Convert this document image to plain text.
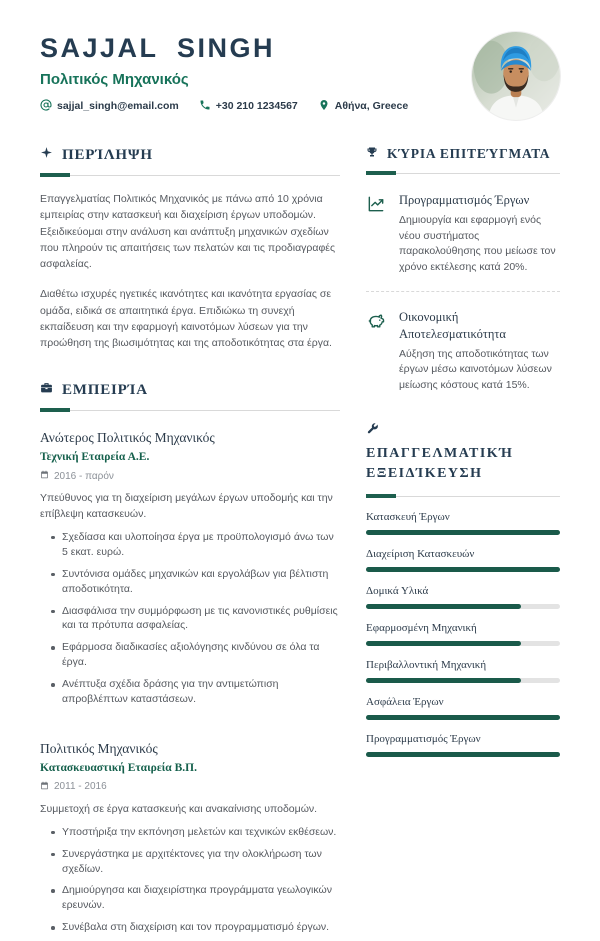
SAJJAL SINGH
Πολιτικός Μηχανικός
sajjal_singh@email.com	+30 210 1234567	Αθήνα, Greece
ΠΕΡΊΛΗΨΗ

Επαγγελματίας Πολιτικός Μηχανικός με πάνω από 10 χρόνια εμπειρίας στην κατασκευή και διαχείριση έργων υποδομών. Εξειδικεύομαι στην ανάλυση και ανάπτυξη μηχανικών σχεδίων που πληρούν τις απαιτήσεις των πελατών και τις προδιαγραφές ασφαλείας.

Διαθέτω ισχυρές ηγετικές ικανότητες και ικανότητα εργασίας σε ομάδα, ειδικά σε απαιτητικά έργα. Επιδιώκω τη συνεχή εκπαίδευση και την εφαρμογή καινοτόμων λύσεων για την προώθηση της βιωσιμότητας και της αποδοτικότητας στα έργα.

ΕΜΠΕΙΡΊΑ
Ανώτερος Πολιτικός Μηχανικός
Τεχνική Εταιρεία Α.Ε.
2016 - παρόν
Υπεύθυνος για τη διαχείριση μεγάλων έργων υποδομής και την επίβλεψη κατασκευών.
Σχεδίασα και υλοποίησα έργα με προϋπολογισμό άνω των 5 εκατ. ευρώ.
Συντόνισα ομάδες μηχανικών και εργολάβων για βέλτιστη αποδοτικότητα.
Διασφάλισα την συμμόρφωση με τις κανονιστικές ρυθμίσεις και τα πρότυπα ασφαλείας.
Εφάρμοσα διαδικασίες αξιολόγησης κινδύνου σε όλα τα έργα.
Ανέπτυξα σχέδια δράσης για την αντιμετώπιση απροβλέπτων καταστάσεων.
Πολιτικός Μηχανικός
Κατασκευαστική Εταιρεία Β.Π.
2011 - 2016
Συμμετοχή σε έργα κατασκευής και ανακαίνισης υποδομών.
Υποστήριξα την εκπόνηση μελετών και τεχνικών εκθέσεων.
Συνεργάστηκα με αρχιτέκτονες για την ολοκλήρωση των σχεδίων.
Δημιούργησα και διαχειρίστηκα προγράμματα γεωλογικών ερευνών.
Συνέβαλα στη διαχείριση και τον προγραμματισμό έργων.
ΚΎΡΙΑ ΕΠΙΤΕΎΓΜΑΤΑ
Προγραμματισμός Έργων
Δημιουργία και εφαρμογή ενός νέου συστήματος παρακολούθησης που μείωσε τον χρόνο εκτέλεσης κατά 20%.
Οικονομική Αποτελεσματικότητα
Αύξηση της αποδοτικότητας των έργων μέσω καινοτόμων λύσεων μείωσης κόστους κατά 15%.
ΕΠΑΓΓΕΛΜΑΤΙΚΉ ΕΞΕΙΔΊΚΕΥΣΗ
Κατασκευή Έργων
Διαχείριση Κατασκευών
Δομικά Υλικά
Εφαρμοσμένη Μηχανική
Περιβαλλοντική Μηχανική
Ασφάλεια Έργων
Προγραμματισμός Έργων
